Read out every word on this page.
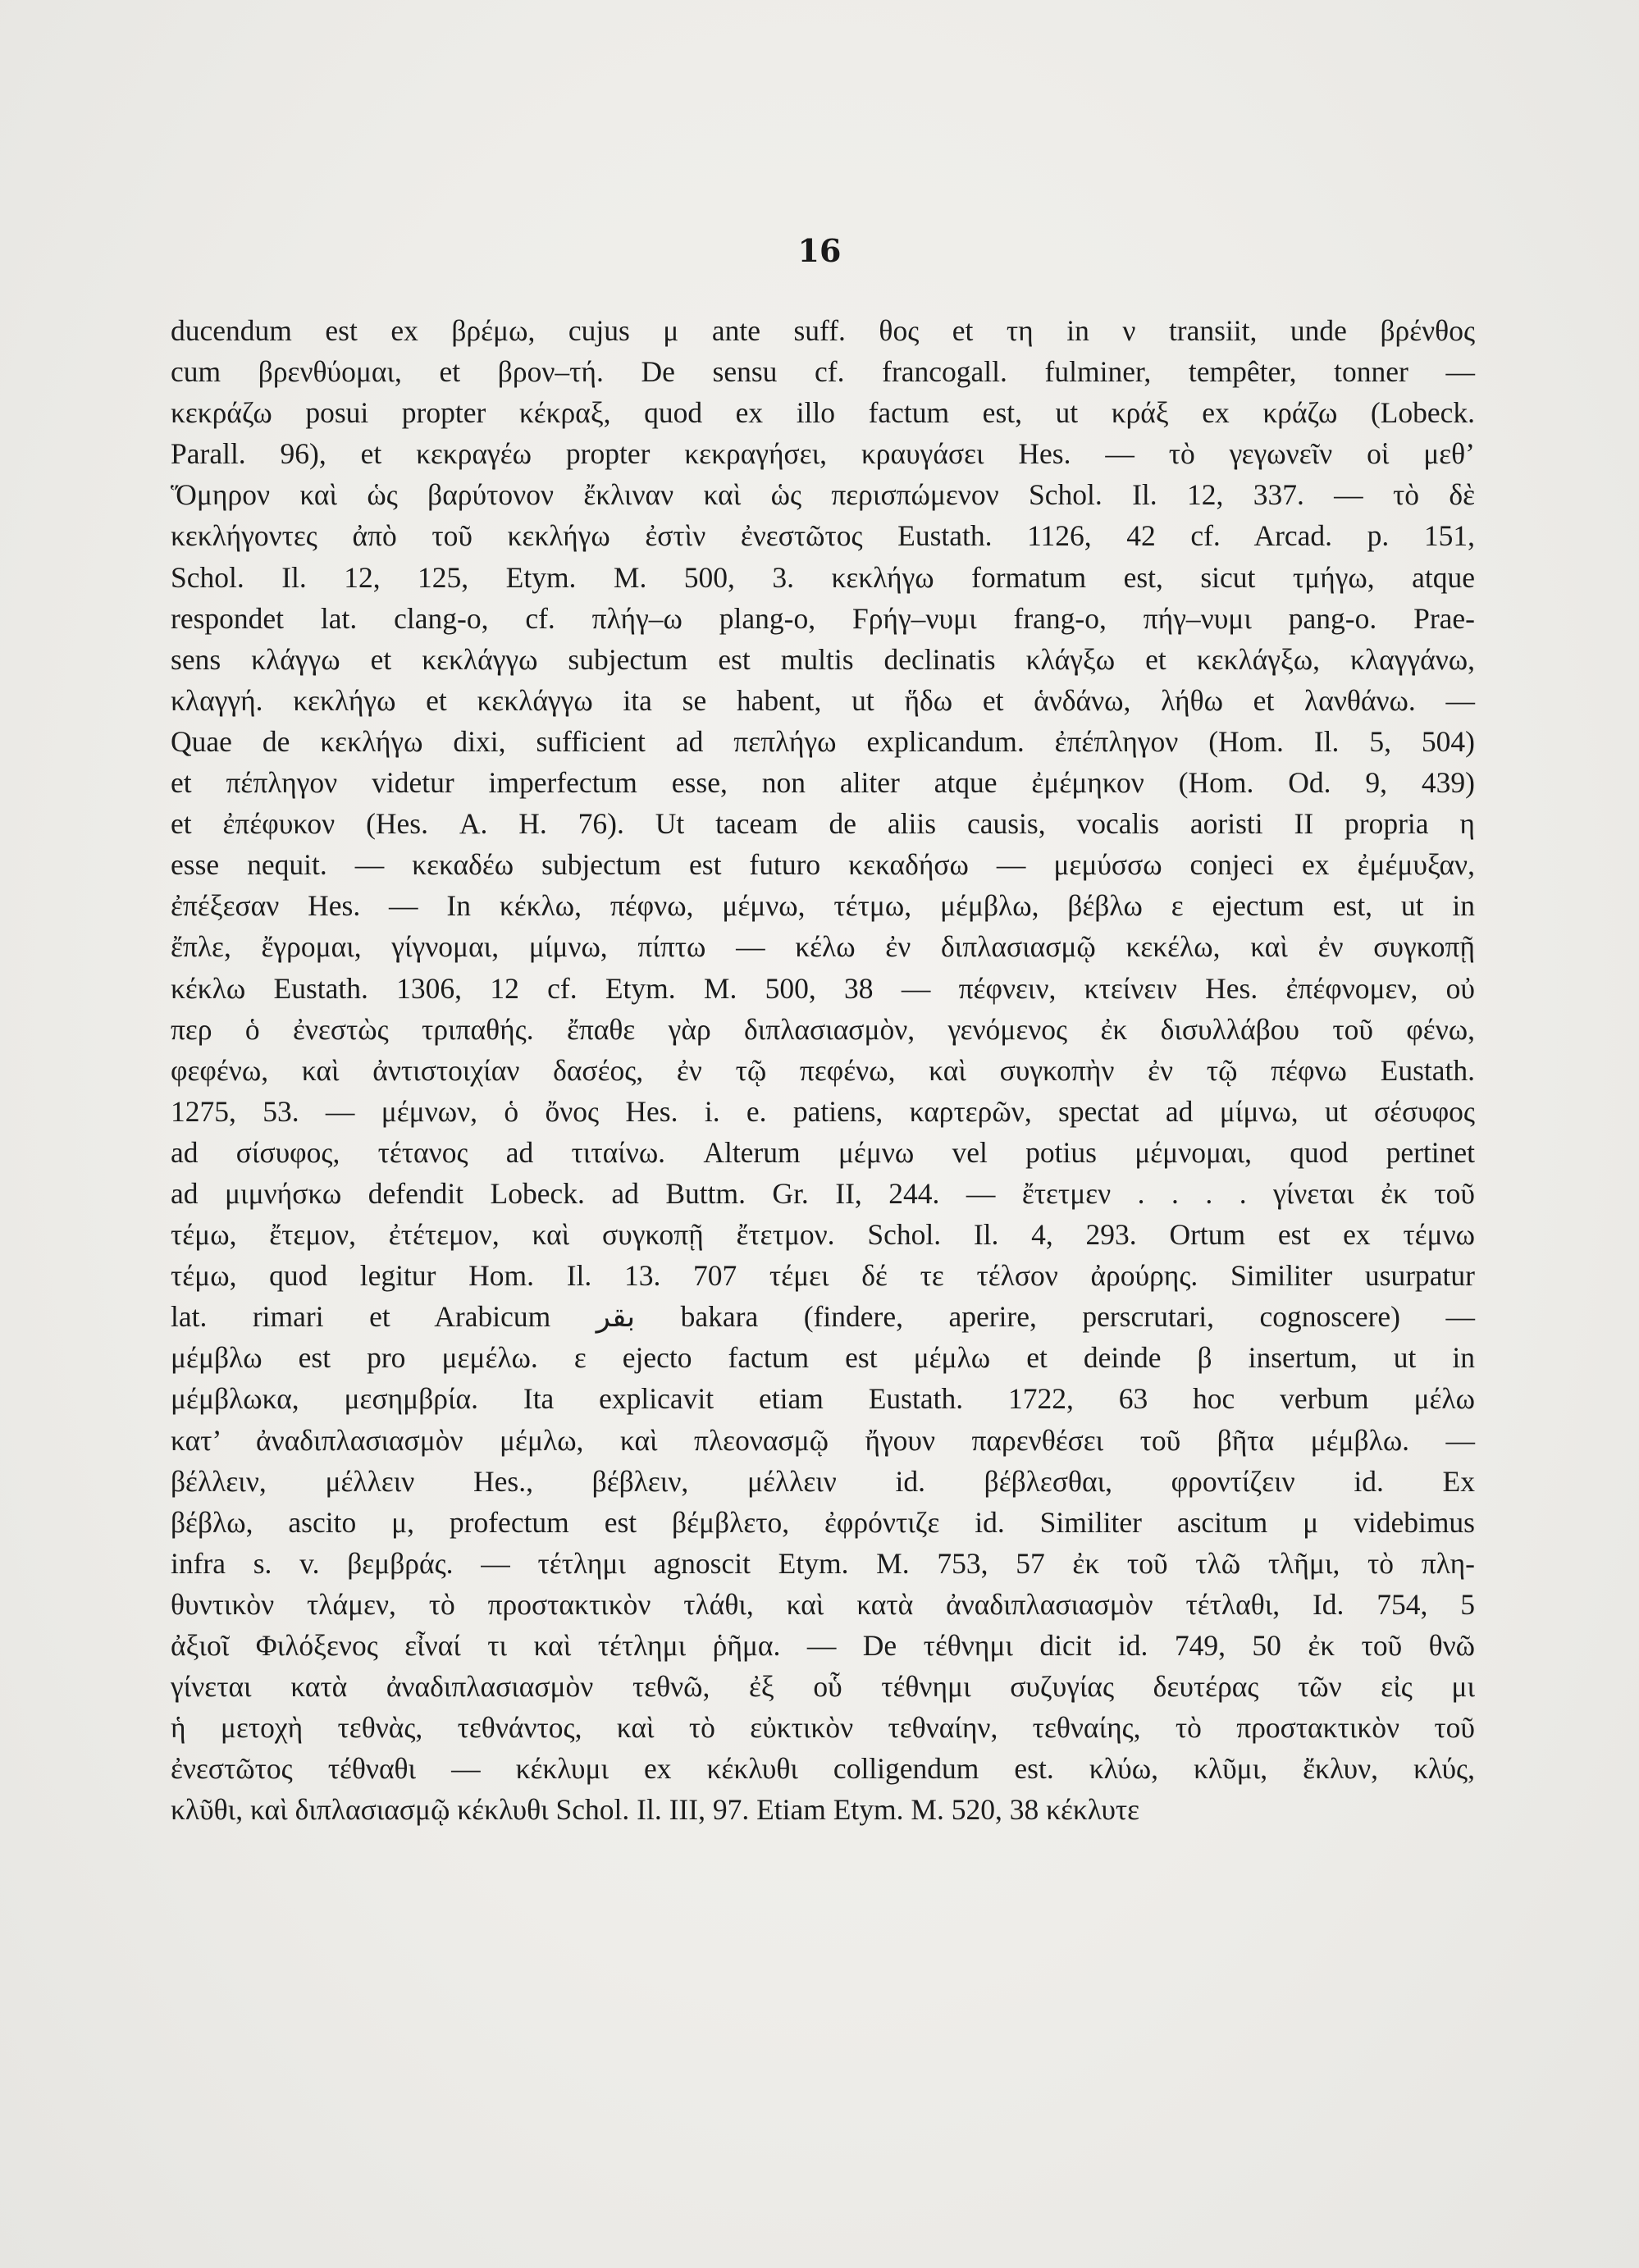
16
ducendum est ex βρέμω, cujus μ ante suff. θος et τη in ν transiit, unde βρένθος
cum βρενθύομαι, et βρον–τή. De sensu cf. francogall. fulminer, tempêter, tonner —
κεκράζω posui propter κέκραξ, quod ex illo factum est, ut κράξ ex κράζω (Lobeck.
Parall. 96), et κεκραγέω propter κεκραγήσει, κραυγάσει Hes. — τὸ γεγωνεῖν οἱ μεθ’
Ὅμηρον καὶ ὡς βαρύτονον ἔκλιναν καὶ ὡς περισπώμενον Schol. Il. 12, 337. — τὸ δὲ
κεκλήγοντες ἀπὸ τοῦ κεκλήγω ἐστὶν ἐνεστῶτος Eustath. 1126, 42 cf. Arcad. p. 151,
Schol. Il. 12, 125, Etym. M. 500, 3. κεκλήγω formatum est, sicut τμήγω, atque
respondet lat. clang-o, cf. πλήγ–ω plang-o, Ϝρήγ–νυμι frang-o, πήγ–νυμι pang-o. Prae-
sens κλάγγω et κεκλάγγω subjectum est multis declinatis κλάγξω et κεκλάγξω, κλαγγάνω,
κλαγγή. κεκλήγω et κεκλάγγω ita se habent, ut ἥδω et ἁνδάνω, λήθω et λανθάνω. —
Quae de κεκλήγω dixi, sufficient ad πεπλήγω explicandum. ἐπέπληγον (Hom. Il. 5, 504)
et πέπληγον videtur imperfectum esse, non aliter atque ἐμέμηκον (Hom. Od. 9, 439)
et ἐπέφυκον (Hes. Α. Η. 76). Ut taceam de aliis causis, vocalis aoristi II propria η
esse nequit. — κεκαδέω subjectum est futuro κεκαδήσω — μεμύσσω conjeci ex ἐμέμυξαν,
ἐπέξεσαν Hes. — In κέκλω, πέφνω, μέμνω, τέτμω, μέμβλω, βέβλω ε ejectum est, ut in
ἔπλε, ἔγρομαι, γίγνομαι, μίμνω, πίπτω — κέλω ἐν διπλασιασμῷ κεκέλω, καὶ ἐν συγκοπῇ
κέκλω Eustath. 1306, 12 cf. Etym. M. 500, 38 — πέφνειν, κτείνειν Hes. ἐπέφνομεν, οὐ
περ ὁ ἐνεστὼς τριπαθής. ἔπαθε γὰρ διπλασιασμὸν, γενόμενος ἐκ δισυλλάβου τοῦ φένω,
φεφένω, καὶ ἀντιστοιχίαν δασέος, ἐν τῷ πεφένω, καὶ συγκοπὴν ἐν τῷ πέφνω Eustath.
1275, 53. — μέμνων, ὁ ὄνος Hes. i. e. patiens, καρτερῶν, spectat ad μίμνω, ut σέσυφος
ad σίσυφος, τέτανος ad τιταίνω. Alterum μέμνω vel potius μέμνομαι, quod pertinet
ad μιμνήσκω defendit Lobeck. ad Buttm. Gr. II, 244. — ἔτετμεν . . . . γίνεται ἐκ τοῦ
τέμω, ἔτεμον, ἐτέτεμον, καὶ συγκοπῇ ἔτετμον. Schol. Il. 4, 293. Ortum est ex τέμνω
τέμω, quod legitur Hom. Il. 13. 707 τέμει δέ τε τέλσον ἀρούρης. Similiter usurpatur
lat. rimari et Arabicum بقر bakara (findere, aperire, perscrutari, cognoscere) —
μέμβλω est pro μεμέλω. ε ejecto factum est μέμλω et deinde β insertum, ut in
μέμβλωκα, μεσημβρία. Ita explicavit etiam Eustath. 1722, 63 hoc verbum μέλω
κατ’ ἀναδιπλασιασμὸν μέμλω, καὶ πλεονασμῷ ἤγουν παρενθέσει τοῦ βῆτα μέμβλω. —
βέλλειν, μέλλειν Hes., βέβλειν, μέλλειν id. βέβλεσθαι, φροντίζειν id. Ex
βέβλω, ascito μ, profectum est βέμβλετο, ἐφρόντιζε id. Similiter ascitum μ videbimus
infra s. v. βεμβράς. — τέτλημι agnoscit Etym. M. 753, 57 ἐκ τοῦ τλῶ τλῆμι, τὸ πλη-
θυντικὸν τλάμεν, τὸ προστακτικὸν τλάθι, καὶ κατὰ ἀναδιπλασιασμὸν τέτλαθι, Id. 754, 5
ἀξιοῖ Φιλόξενος εἶναί τι καὶ τέτλημι ῥῆμα. — De τέθνημι dicit id. 749, 50 ἐκ τοῦ θνῶ
γίνεται κατὰ ἀναδιπλασιασμὸν τεθνῶ, ἐξ οὗ τέθνημι συζυγίας δευτέρας τῶν εἰς μι
ἡ μετοχὴ τεθνὰς, τεθνάντος, καὶ τὸ εὐκτικὸν τεθναίην, τεθναίης, τὸ προστακτικὸν τοῦ
ἐνεστῶτος τέθναθι — κέκλυμι ex κέκλυθι colligendum est. κλύω, κλῦμι, ἔκλυν, κλύς,
κλῦθι, καὶ διπλασιασμῷ κέκλυθι Schol. Il. III, 97. Etiam Etym. M. 520, 38 κέκλυτε
